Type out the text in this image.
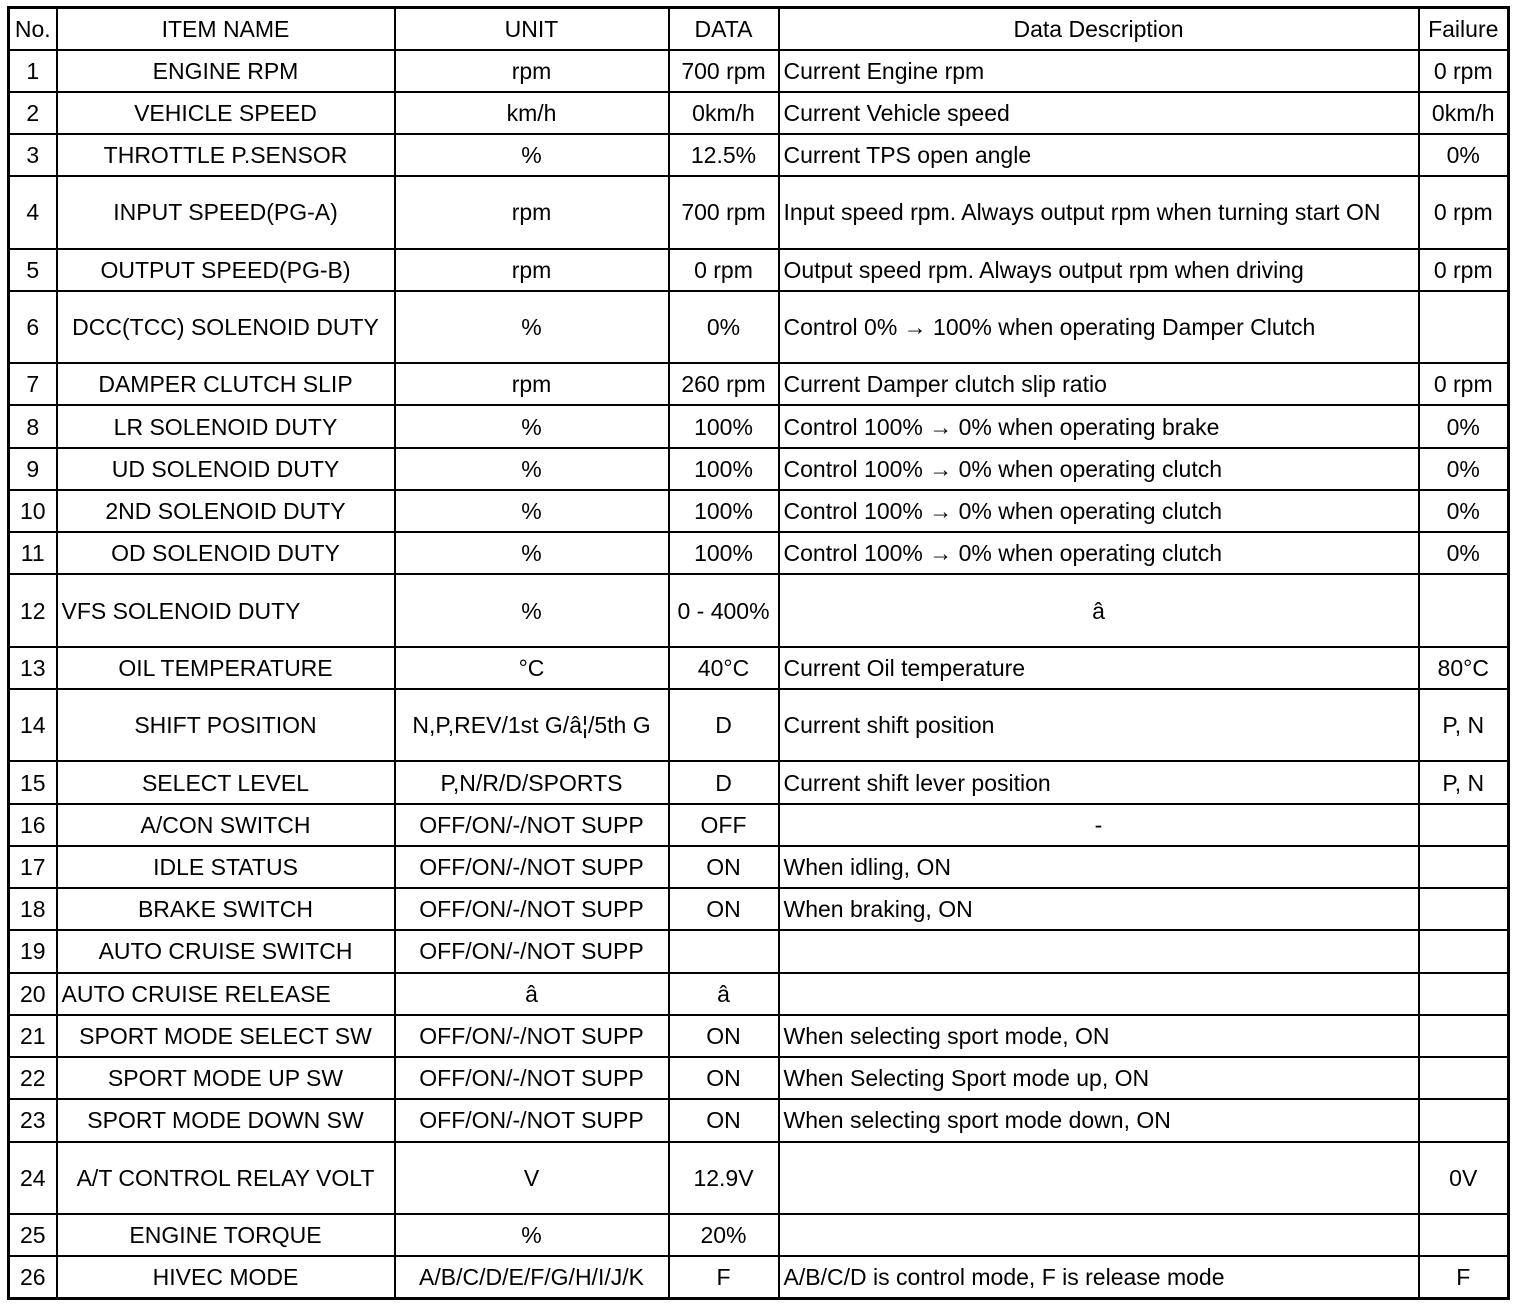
No.	ITEM NAME	UNIT	DATA	Data Description	Failure
1	ENGINE RPM	rpm	700 rpm	Current Engine rpm	0 rpm
2	VEHICLE SPEED	km/h	0km/h	Current Vehicle speed	0km/h
3	THROTTLE P.SENSOR	%	12.5%	Current TPS open angle	0%
4	INPUT SPEED(PG-A)	rpm	700 rpm	Input speed rpm. Always output rpm when turning start ON	0 rpm
5	OUTPUT SPEED(PG-B)	rpm	0 rpm	Output speed rpm. Always output rpm when driving	0 rpm
6	DCC(TCC) SOLENOID DUTY	%	0%	Control 0% → 100% when operating Damper Clutch	
7	DAMPER CLUTCH SLIP	rpm	260 rpm	Current Damper clutch slip ratio	0 rpm
8	LR SOLENOID DUTY	%	100%	Control 100% → 0% when operating brake	0%
9	UD SOLENOID DUTY	%	100%	Control 100% → 0% when operating clutch	0%
10	2ND SOLENOID DUTY	%	100%	Control 100% → 0% when operating clutch	0%
11	OD SOLENOID DUTY	%	100%	Control 100% → 0% when operating clutch	0%
12	VFS SOLENOID DUTY	%	0 - 400%	â	
13	OIL TEMPERATURE	°C	40°C	Current Oil temperature	80°C
14	SHIFT POSITION	N,P,REV/1st G/â¦/5th G	D	Current shift position	P, N
15	SELECT LEVEL	P,N/R/D/SPORTS	D	Current shift lever position	P, N
16	A/CON SWITCH	OFF/ON/-/NOT SUPP	OFF	-	
17	IDLE STATUS	OFF/ON/-/NOT SUPP	ON	When idling, ON	
18	BRAKE SWITCH	OFF/ON/-/NOT SUPP	ON	When braking, ON	
19	AUTO CRUISE SWITCH	OFF/ON/-/NOT SUPP			
20	AUTO CRUISE RELEASE	â	â		
21	SPORT MODE SELECT SW	OFF/ON/-/NOT SUPP	ON	When selecting sport mode, ON	
22	SPORT MODE UP SW	OFF/ON/-/NOT SUPP	ON	When Selecting Sport mode up, ON	
23	SPORT MODE DOWN SW	OFF/ON/-/NOT SUPP	ON	When selecting sport mode down, ON	
24	A/T CONTROL RELAY VOLT	V	12.9V		0V
25	ENGINE TORQUE	%	20%		
26	HIVEC MODE	A/B/C/D/E/F/G/H/I/J/K	F	A/B/C/D is control mode, F is release mode	F
